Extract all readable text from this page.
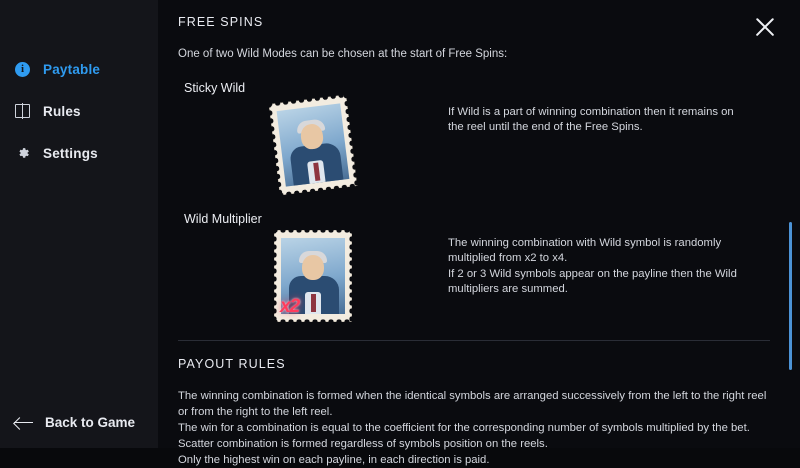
i	Paytable
Rules
Settings
Back to Game
FREE SPINS
One of two Wild Modes can be chosen at the start of Free Spins:
Sticky Wild

If Wild is a part of winning combination then it remains on

the reel until the end of the Free Spins.

Wild Multiplier
x2

The winning combination with Wild symbol is randomly

multiplied from x2 to x4.

If 2 or 3 Wild symbols appear on the payline then the Wild

multipliers are summed.

PAYOUT RULES

The winning combination is formed when the identical symbols are arranged successively from the left to the right reel

or from the right to the left reel.

The win for a combination is equal to the coefficient for the corresponding number of symbols multiplied by the bet.

Scatter combination is formed regardless of symbols position on the reels.

Only the highest win on each payline, in each direction is paid.
